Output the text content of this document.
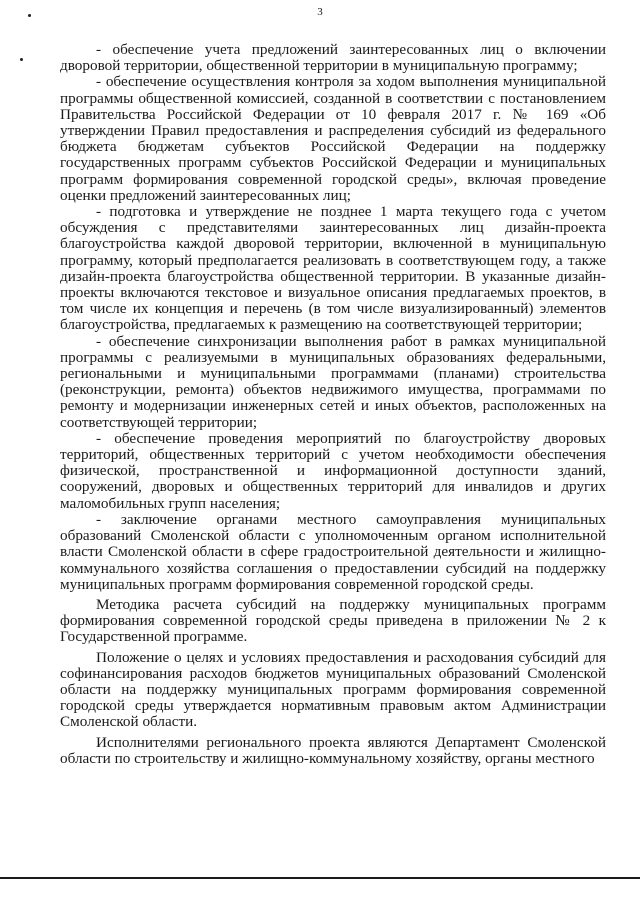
3

- обеспечение учета предложений заинтересованных лиц о включении дворовой территории, общественной территории в муниципальную программу;

- обеспечение осуществления контроля за ходом выполнения муниципальной программы общественной комиссией, созданной в соответствии с постановлением Правительства Российской Федерации от 10 февраля 2017 г. № 169 «Об утверждении Правил предоставления и распределения субсидий из федерального бюджета бюджетам субъектов Российской Федерации на поддержку государственных программ субъектов Российской Федерации и муниципальных программ формирования современной городской среды», включая проведение оценки предложений заинтересованных лиц;

- подготовка и утверждение не позднее 1 марта текущего года с учетом обсуждения с представителями заинтересованных лиц дизайн-проекта благоустройства каждой дворовой территории, включенной в муниципальную программу, который предполагается реализовать в соответствующем году, а также дизайн-проекта благоустройства общественной территории. В указанные дизайн-проекты включаются текстовое и визуальное описания предлагаемых проектов, в том числе их концепция и перечень (в том числе визуализированный) элементов благоустройства, предлагаемых к размещению на соответствующей территории;

- обеспечение синхронизации выполнения работ в рамках муниципальной программы с реализуемыми в муниципальных образованиях федеральными, региональными и муниципальными программами (планами) строительства (реконструкции, ремонта) объектов недвижимого имущества, программами по ремонту и модернизации инженерных сетей и иных объектов, расположенных на соответствующей территории;

- обеспечение проведения мероприятий по благоустройству дворовых территорий, общественных территорий с учетом необходимости обеспечения физической, пространственной и информационной доступности зданий, сооружений, дворовых и общественных территорий для инвалидов и других маломобильных групп населения;

- заключение органами местного самоуправления муниципальных образований Смоленской области с уполномоченным органом исполнительной власти Смоленской области в сфере градостроительной деятельности и жилищно-коммунального хозяйства соглашения о предоставлении субсидий на поддержку муниципальных программ формирования современной городской среды.

Методика расчета субсидий на поддержку муниципальных программ формирования современной городской среды приведена в приложении № 2 к Государственной программе.

Положение о целях и условиях предоставления и расходования субсидий для софинансирования расходов бюджетов муниципальных образований Смоленской области на поддержку муниципальных программ формирования современной городской среды утверждается нормативным правовым актом Администрации Смоленской области.

Исполнителями регионального проекта являются Департамент Смоленской области по строительству и жилищно-коммунальному хозяйству, органы местного
